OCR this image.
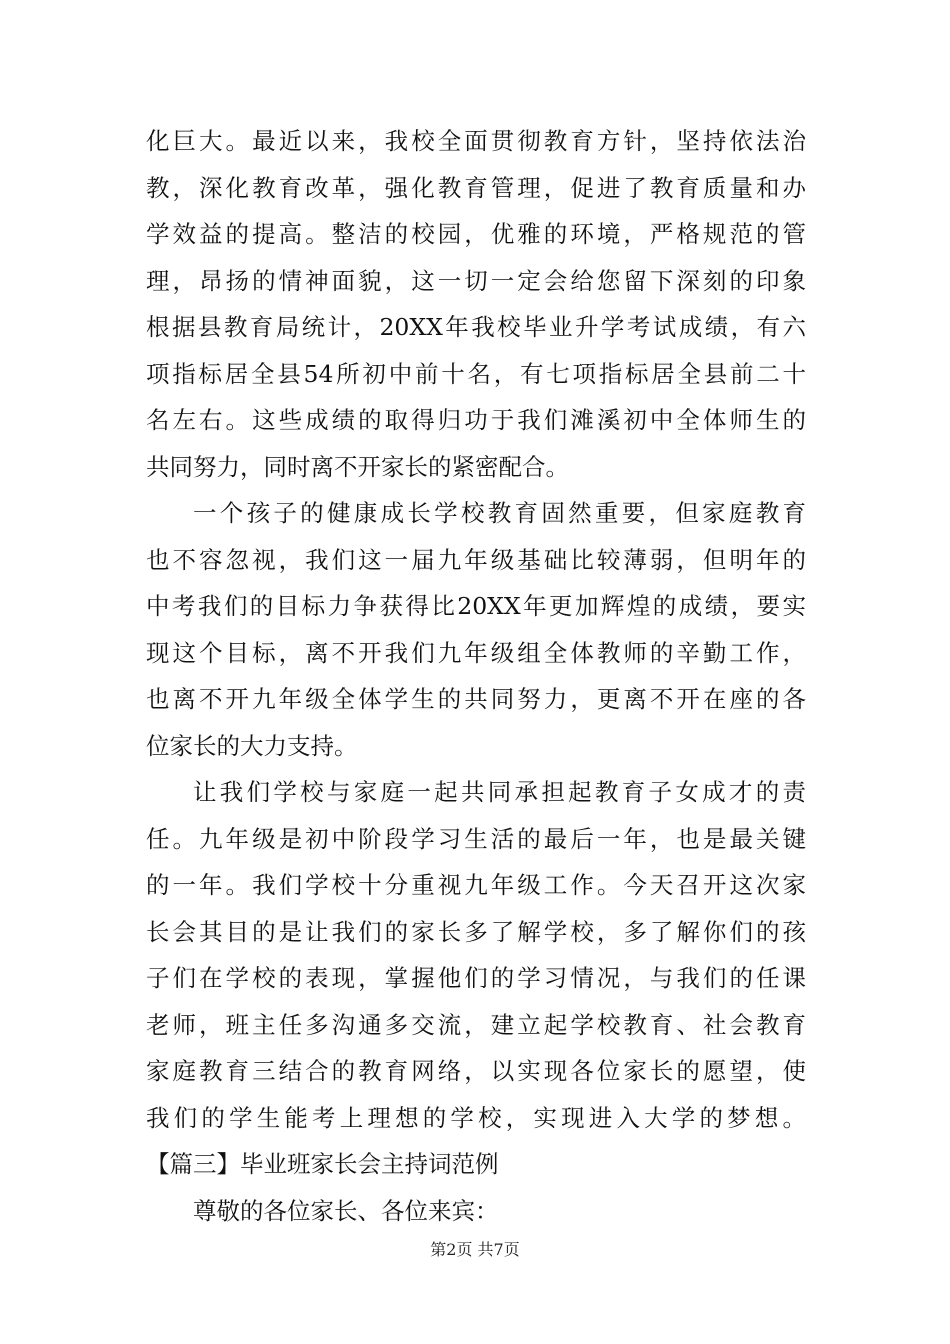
化巨大。最近以来，我校全面贯彻教育方针，坚持依法治
教，深化教育改革，强化教育管理，促进了教育质量和办
学效益的提高。整洁的校园，优雅的环境，严格规范的管
理，昂扬的情神面貌，这一切一定会给您留下深刻的印象
根据县教育局统计，20XX年我校毕业升学考试成绩，有六
项指标居全县54所初中前十名，有七项指标居全县前二十
名左右。这些成绩的取得归功于我们滩溪初中全体师生的
共同努力，同时离不开家长的紧密配合。
一个孩子的健康成长学校教育固然重要，但家庭教育
也不容忽视，我们这一届九年级基础比较薄弱，但明年的
中考我们的目标力争获得比20XX年更加辉煌的成绩，要实
现这个目标，离不开我们九年级组全体教师的辛勤工作，
也离不开九年级全体学生的共同努力，更离不开在座的各
位家长的大力支持。
让我们学校与家庭一起共同承担起教育子女成才的责
任。九年级是初中阶段学习生活的最后一年，也是最关键
的一年。我们学校十分重视九年级工作。今天召开这次家
长会其目的是让我们的家长多了解学校，多了解你们的孩
子们在学校的表现，掌握他们的学习情况，与我们的任课
老师，班主任多沟通多交流，建立起学校教育、社会教育
家庭教育三结合的教育网络，以实现各位家长的愿望，使
我们的学生能考上理想的学校，实现进入大学的梦想。
【篇三】毕业班家长会主持词范例
尊敬的各位家长、各位来宾：
第2页 共7页
